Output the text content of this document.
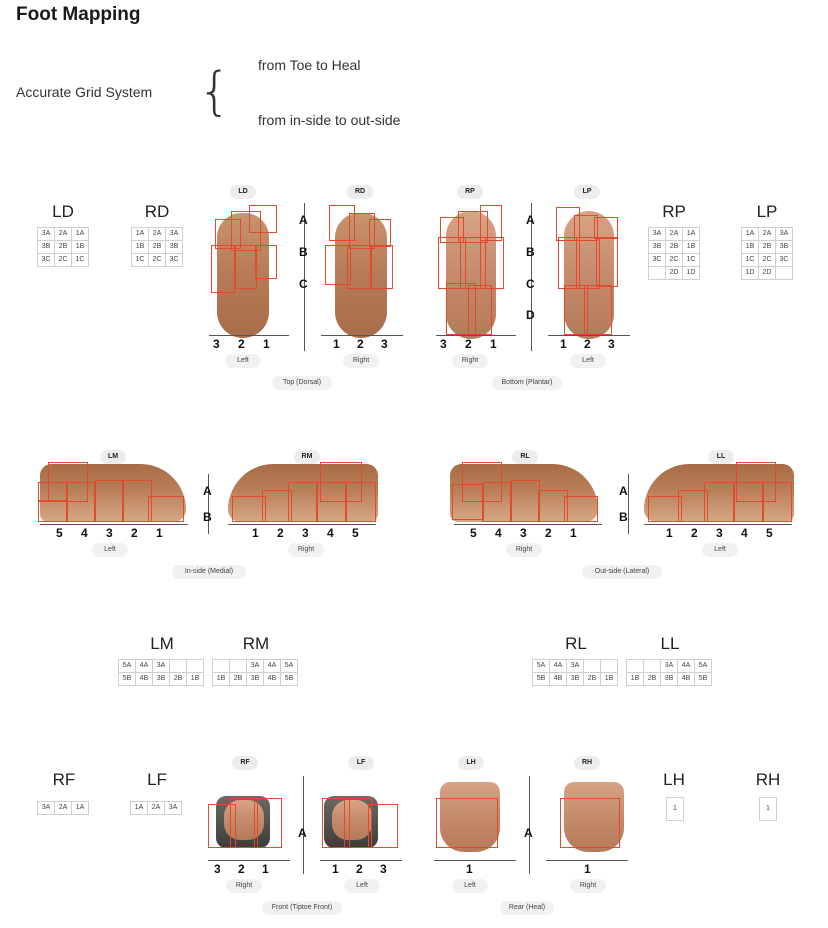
Foot Mapping
Accurate Grid System { from Toe to Heal
from in-side to out-side
LD
3A	2A	1A
3B	2B	1B
3C	2C	1C
RD
1A	2A	3A
1B	2B	3B
1C	2C	3C
LD	RD
A
B
C
3 2 1	1 2 3
Left	Right
Top (Dorsal)
RP	LP
A
B
C
D
3 2 1	1 2 3
Right	Left
Bottom (Plantar)
RP
3A	2A	1A
3B	2B	1B
3C	2C	1C
	2D	1D
LP
1A	2A	3A
1B	2B	3B
1C	2C	3C
1D	2D	
LM	RM
A
B
5 4 3 2 1	1 2 3 4 5
Left	Right
In-side (Medial)
RL	LL
A
B
5 4 3 2 1	1 2 3 4 5
Right	Left
Out-side (Lateral)
LM
5A	4A	3A		
5B	4B	3B	2B	1B
RM
		3A	4A	5A
1B	2B	3B	4B	5B
RL
5A	4A	3A		
5B	4B	3B	2B	1B
LL
		3A	4A	5A
1B	2B	3B	4B	5B
RF
3A	2A	1A
LF
1A	2A	3A
RF	LF
A
3 2 1	1 2 3
Right	Left
Front (Tiptoe Front)
LH	RH
A
1	1
Left	Right
Rear (Heal)
LH
1
RH
1
